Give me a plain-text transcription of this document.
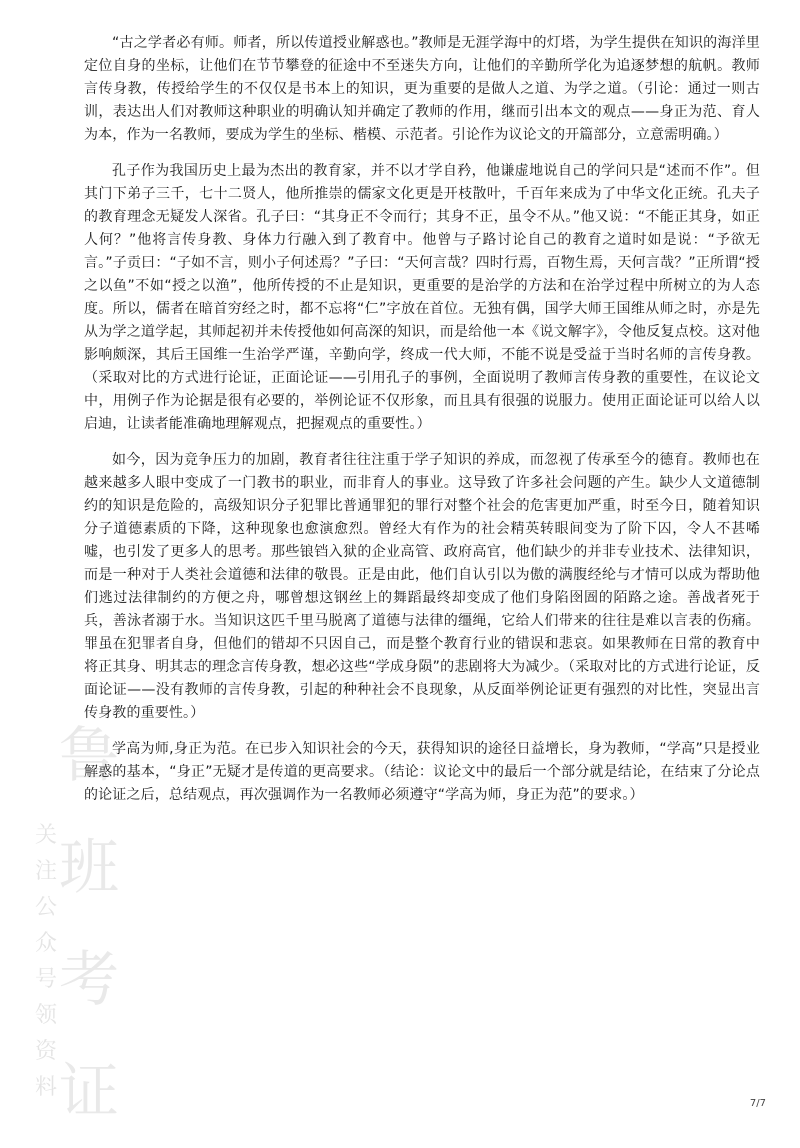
鲁班考证
关注公众号领资料

“古之学者必有师。师者，所以传道授业解惑也。”教师是无涯学海中的灯塔，为学生提供在知识的海洋里定位自身的坐标，让他们在节节攀登的征途中不至迷失方向，让他们的辛勤所学化为追逐梦想的航帆。教师言传身教，传授给学生的不仅仅是书本上的知识，更为重要的是做人之道、为学之道。（引论：通过一则古训，表达出人们对教师这种职业的明确认知并确定了教师的作用，继而引出本文的观点——身正为范、育人为本，作为一名教师，要成为学生的坐标、楷模、示范者。引论作为议论文的开篇部分，立意需明确。）

孔子作为我国历史上最为杰出的教育家，并不以才学自矜，他谦虚地说自己的学问只是“述而不作”。但其门下弟子三千，七十二贤人，他所推崇的儒家文化更是开枝散叶，千百年来成为了中华文化正统。孔夫子的教育理念无疑发人深省。孔子曰：“其身正不令而行；其身不正，虽令不从。”他又说：“不能正其身，如正人何？”他将言传身教、身体力行融入到了教育中。他曾与子路讨论自己的教育之道时如是说：“予欲无言。”子贡曰：“子如不言，则小子何述焉？”子曰：“天何言哉？四时行焉，百物生焉，天何言哉？”正所谓“授之以鱼”不如“授之以渔”，他所传授的不止是知识，更重要的是治学的方法和在治学过程中所树立的为人态度。所以，儒者在暗首穷经之时，都不忘将“仁”字放在首位。无独有偶，国学大师王国维从师之时，亦是先从为学之道学起，其师起初并未传授他如何高深的知识，而是给他一本《说文解字》，令他反复点校。这对他影响颇深，其后王国维一生治学严谨，辛勤向学，终成一代大师，不能不说是受益于当时名师的言传身教。（采取对比的方式进行论证，正面论证——引用孔子的事例，全面说明了教师言传身教的重要性，在议论文中，用例子作为论据是很有必要的，举例论证不仅形象，而且具有很强的说服力。使用正面论证可以给人以启迪，让读者能准确地理解观点，把握观点的重要性。）

如今，因为竞争压力的加剧，教育者往往注重于学子知识的养成，而忽视了传承至今的德育。教师也在越来越多人眼中变成了一门教书的职业，而非育人的事业。这导致了许多社会问题的产生。缺少人文道德制约的知识是危险的，高级知识分子犯罪比普通罪犯的罪行对整个社会的危害更加严重，时至今日，随着知识分子道德素质的下降，这种现象也愈演愈烈。曾经大有作为的社会精英转眼间变为了阶下囚，令人不甚唏嘘，也引发了更多人的思考。那些锒铛入狱的企业高管、政府高官，他们缺少的并非专业技术、法律知识，而是一种对于人类社会道德和法律的敬畏。正是由此，他们自认引以为傲的满腹经纶与才情可以成为帮助他们逃过法律制约的方便之舟，哪曾想这钢丝上的舞蹈最终却变成了他们身陷囹圄的陌路之途。善战者死于兵，善泳者溺于水。当知识这匹千里马脱离了道德与法律的缰绳，它给人们带来的往往是难以言表的伤痛。罪虽在犯罪者自身，但他们的错却不只因自己，而是整个教育行业的错误和悲哀。如果教师在日常的教育中将正其身、明其志的理念言传身教，想必这些“学成身陨”的悲剧将大为减少。（采取对比的方式进行论证，反面论证——没有教师的言传身教，引起的种种社会不良现象，从反面举例论证更有强烈的对比性，突显出言传身教的重要性。）

学高为师,身正为范。在已步入知识社会的今天，获得知识的途径日益增长，身为教师，“学高”只是授业解惑的基本，“身正”无疑才是传道的更高要求。（结论：议论文中的最后一个部分就是结论，在结束了分论点的论证之后，总结观点，再次强调作为一名教师必须遵守“学高为师，身正为范”的要求。）

7/7
